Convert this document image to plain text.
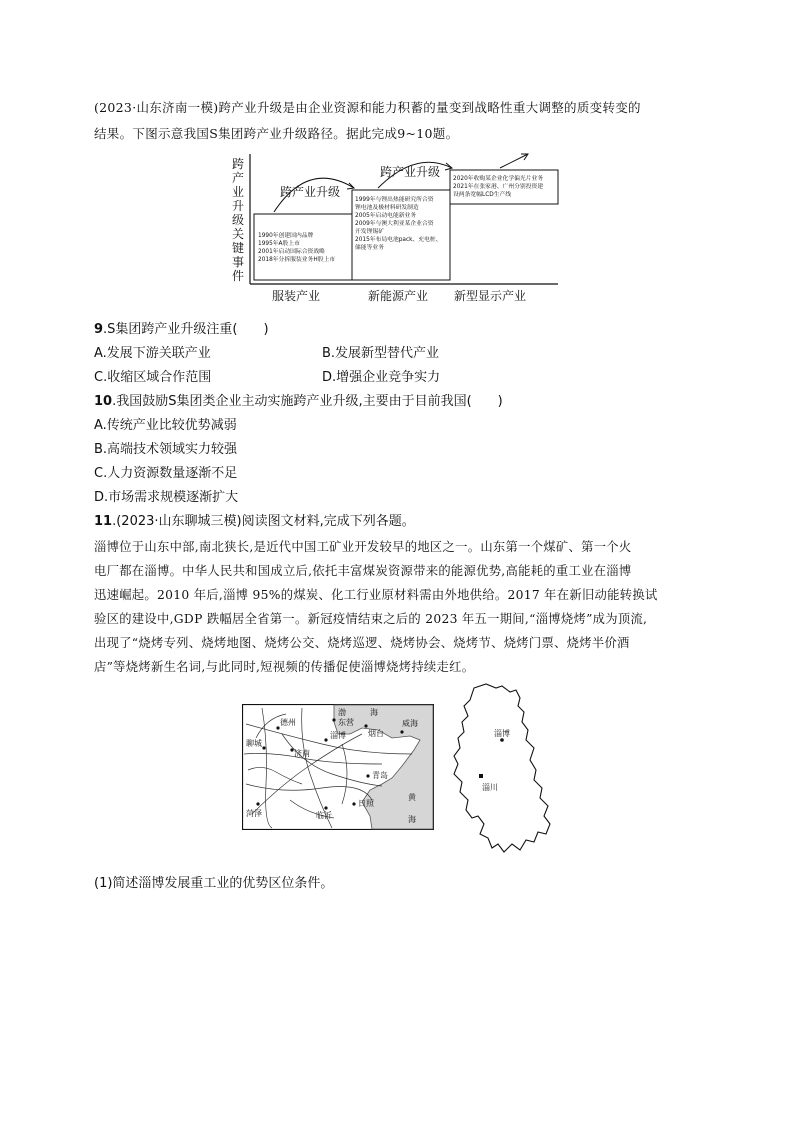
(2023·山东济南一模)跨产业升级是由企业资源和能力积蓄的量变到战略性重大调整的质变转变的
结果。下图示意我国S集团跨产业升级路径。据此完成9~10题。
跨
产
业
升
级
关
键
事
件
1990年创建国内品牌
1995年A股上市
2001年启动国际合资战略
2018年分拆服装业务H股上市
1999年与锂出热能研究所合资
锂电池及极材料研发制造
2005年启动电能新业务
2009年与澳大利亚某企业合资
开发锂锡矿
2015年布局电池pack、充电桩、
储能等业务
2020年收购某企业化学偏光片业务
2021年在张家港、广州分别投资建
设两条宽幅LCD生产线
跨产业升级
跨产业升级
服装产业	新能源产业 新型显示产业
9.S集团跨产业升级注重(　　)
A.发展下游关联产业	B.发展新型替代产业
C.收缩区域合作范围	D.增强企业竞争实力
10.我国鼓励S集团类企业主动实施跨产业升级,主要由于目前我国(　　)
A.传统产业比较优势减弱
B.高端技术领域实力较强
C.人力资源数量逐渐不足
D.市场需求规模逐渐扩大
11.(2023·山东聊城三模)阅读图文材料,完成下列各题。
淄博位于山东中部,南北狭长,是近代中国工矿业开发较早的地区之一。山东第一个煤矿、第一个火
电厂都在淄博。中华人民共和国成立后,依托丰富煤炭资源带来的能源优势,高能耗的重工业在淄博
迅速崛起。2010 年后,淄博 95%的煤炭、化工行业原材料需由外地供给。2017 年在新旧动能转换试
验区的建设中,GDP 跌幅居全省第一。新冠疫情结束之后的 2023 年五一期间,“淄博烧烤”成为顶流,
出现了“烧烤专列、烧烤地图、烧烤公交、烧烤巡逻、烧烤协会、烧烤节、烧烤门票、烧烤半价酒
店”等烧烤新生名词,与此同时,短视频的传播促使淄博烧烤持续走红。
渤	海
威海
德州	东营
烟台
聊城
济南
淄博
青岛
菏泽	临沂
日照
黄
海
淄博
淄川
(1)简述淄博发展重工业的优势区位条件。
